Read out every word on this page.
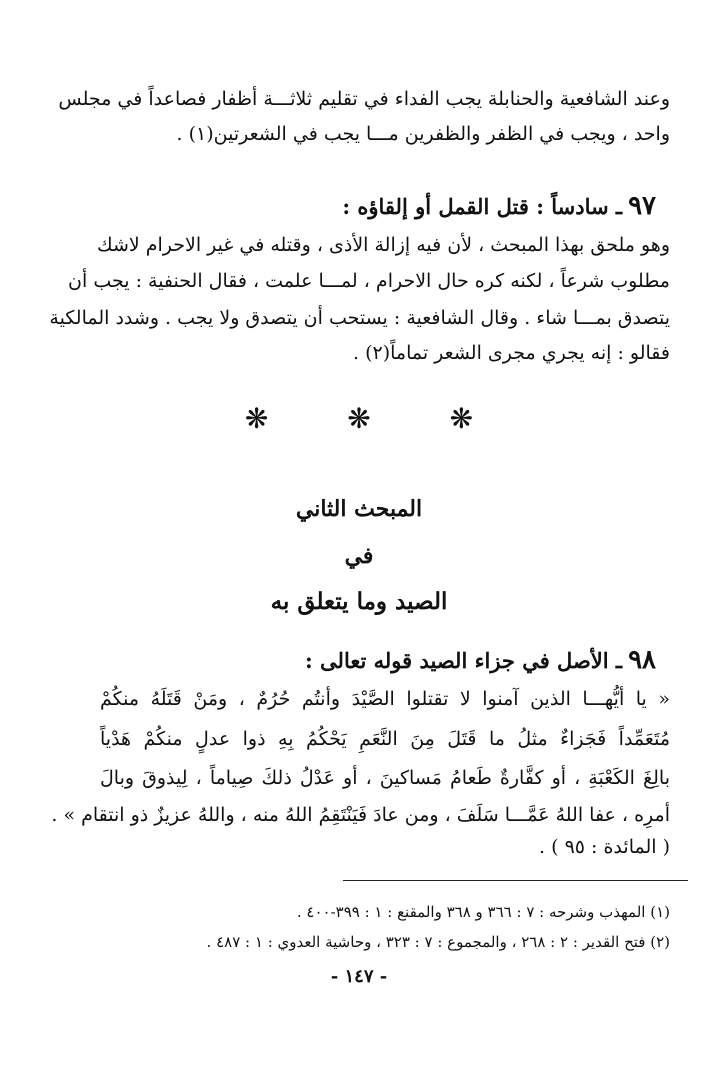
وعند الشافعية والحنابلة يجب الفداء في تقليم ثلاثـــة أظفار فصاعداً في مجلس
واحد ، ويجب في الظفر والظفرين مـــا يجب في الشعرتين(١) .
٩٧ـ سادساً : قتل القمل أو إلقاؤه :
وهو ملحق بهذا المبحث ، لأن فيه إزالة الأذى ، وقتله في غير الاحرام لاشك
مطلوب شرعاً ، لكنه كره حال الاحرام ، لمـــا علمت ، فقال الحنفية : يجب أن
يتصدق بمـــا شاء . وقال الشافعية : يستحب أن يتصدق ولا يجب . وشدد المالكية
فقالو : إنه يجري مجرى الشعر تماماً(٢) .
❋ ❋ ❋
المبحث الثاني
في
الصيد وما يتعلق به
٩٨ـ الأصل في جزاء الصيد قوله تعالى :
« يا أيُّهـــا الذين آمنوا لا تقتلوا الصَّيْدَ وأنتُم حُرُمٌ ، ومَنْ قَتَلَهُ منكُمْ
مُتَعَمِّداً فَجَزاءٌ مثلُ ما قَتَلَ مِنَ النَّعَمِ يَحْكُمُ بِهِ ذوا عدلٍ منكُمْ هَدْياً
بالِغَ الكَعْبَةِ ، أو كفَّارةٌ طَعامُ مَساكينَ ، أو عَدْلُ ذلكَ صِياماً ، لِيذوقَ وبالَ
أمرِه ، عفا اللهُ عَمَّـــا سَلَفَ ، ومن عادَ فَيَنْتَقِمُ اللهُ منه ، واللهُ عزيزٌ ذو انتقام » .
( المائدة : ٩٥ ) .
(١) المهذب وشرحه : ٧ : ٣٦٦ و ٣٦٨ والمقنع : ١ : ٣٩٩-٤٠٠ .
(٢) فتح القدير : ٢ : ٢٦٨ ، والمجموع : ٧ : ٣٢٣ ، وحاشية العدوي : ١ : ٤٨٧ .
- ١٤٧ -
